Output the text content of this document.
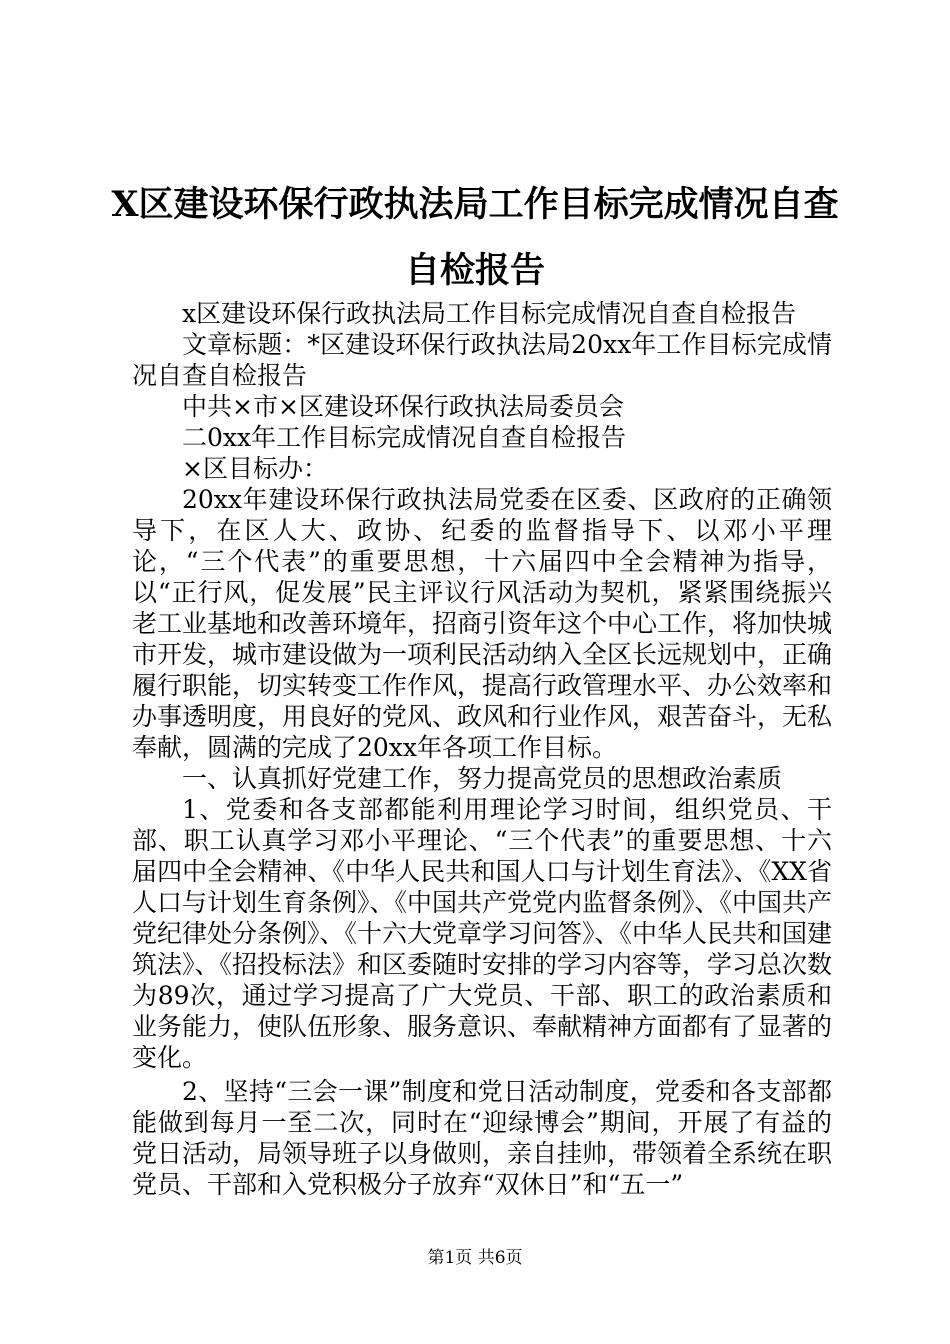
X区建设环保行政执法局工作目标完成情况自查自检报告

x区建设环保行政执法局工作目标完成情况自查自检报告

文章标题：*区建设环保行政执法局20xx年工作目标完成情况自查自检报告

中共×市×区建设环保行政执法局委员会

二0xx年工作目标完成情况自查自检报告

×区目标办：

20xx年建设环保行政执法局党委在区委、区政府的正确领导下，在区人大、政协、纪委的监督指导下、以邓小平理论，“三个代表”的重要思想，十六届四中全会精神为指导，以“正行风，促发展”民主评议行风活动为契机，紧紧围绕振兴老工业基地和改善环境年，招商引资年这个中心工作，将加快城市开发，城市建设做为一项利民活动纳入全区长远规划中，正确履行职能，切实转变工作作风，提高行政管理水平、办公效率和办事透明度，用良好的党风、政风和行业作风，艰苦奋斗，无私奉献，圆满的完成了20xx年各项工作目标。

一、认真抓好党建工作，努力提高党员的思想政治素质

1、党委和各支部都能利用理论学习时间，组织党员、干部、职工认真学习邓小平理论、“三个代表”的重要思想、十六届四中全会精神、《中华人民共和国人口与计划生育法》、《XX省人口与计划生育条例》、《中国共产党党内监督条例》、《中国共产党纪律处分条例》、《十六大党章学习问答》、《中华人民共和国建筑法》、《招投标法》和区委随时安排的学习内容等，学习总次数为89次，通过学习提高了广大党员、干部、职工的政治素质和业务能力，使队伍形象、服务意识、奉献精神方面都有了显著的变化。

2、坚持“三会一课”制度和党日活动制度，党委和各支部都能做到每月一至二次，同时在“迎绿博会”期间，开展了有益的党日活动，局领导班子以身做则，亲自挂帅，带领着全系统在职党员、干部和入党积极分子放弃“双休日”和“五一”

第1页 共6页
